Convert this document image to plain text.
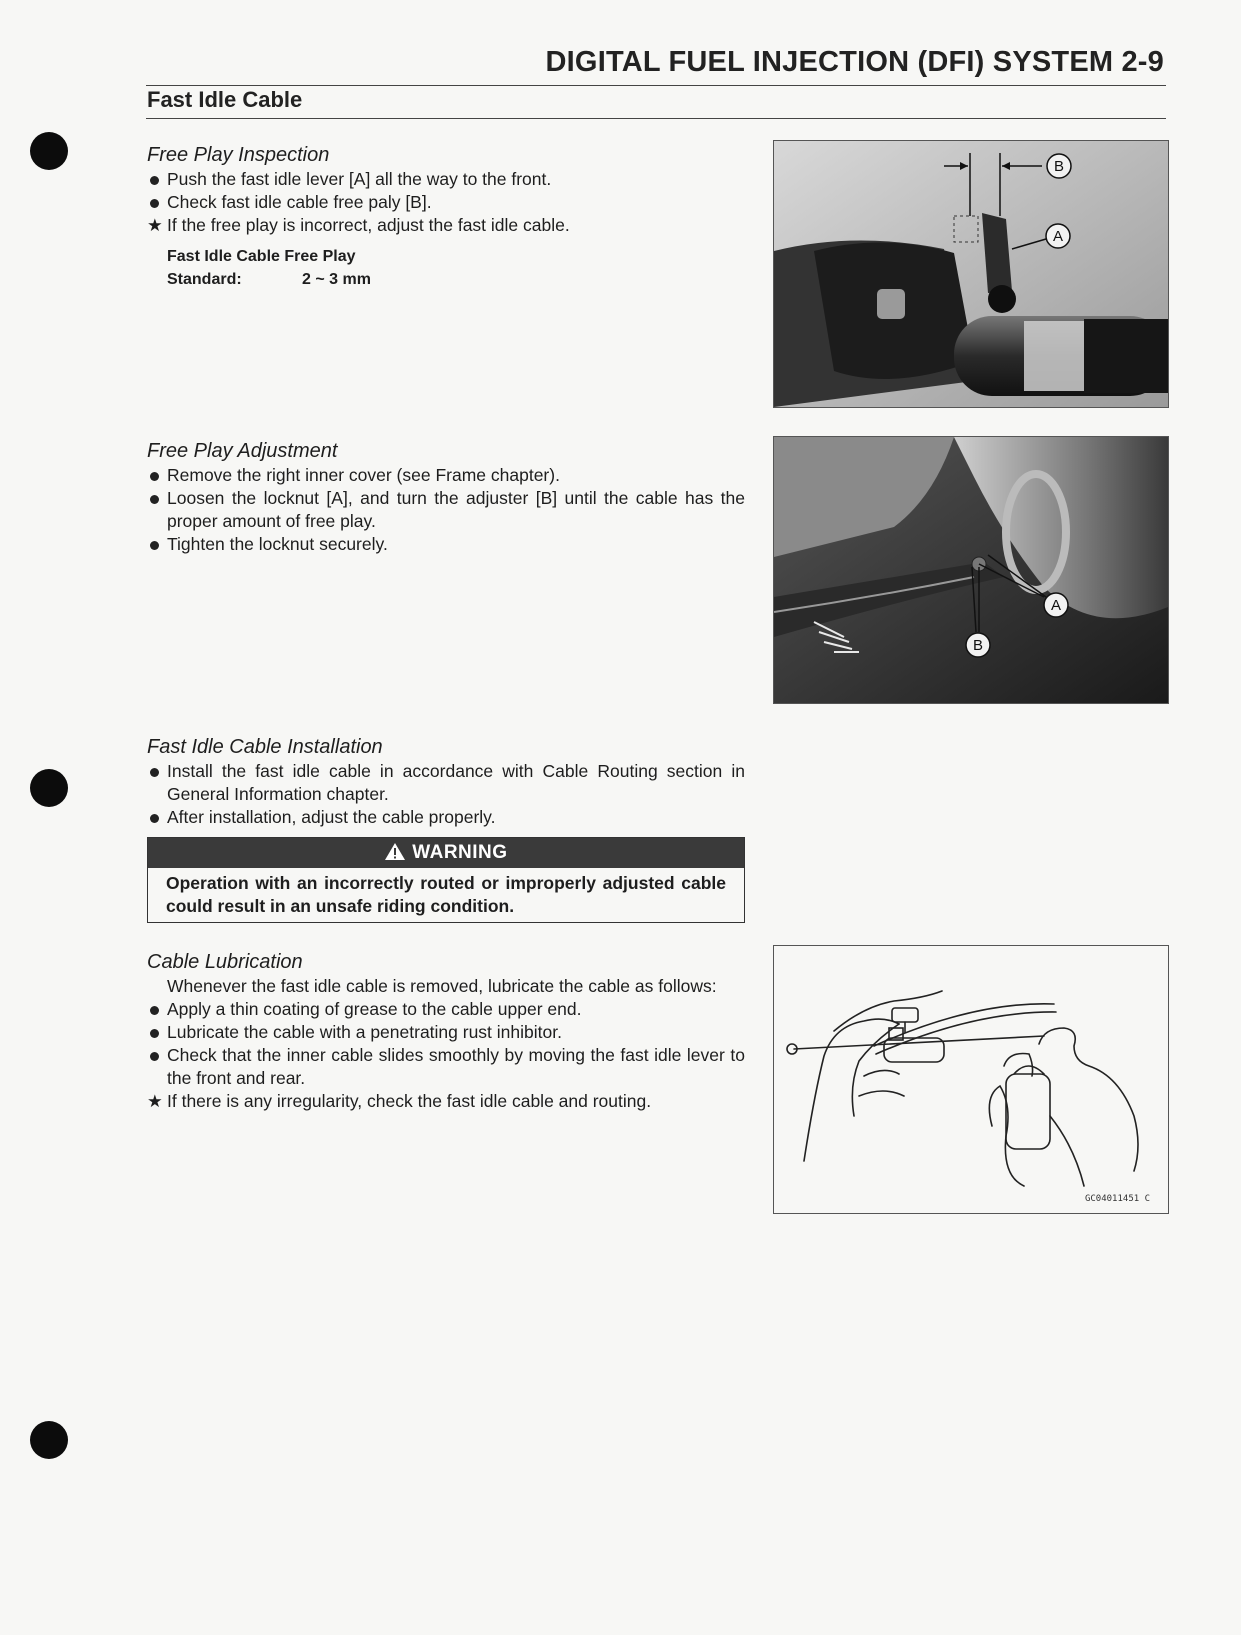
DIGITAL FUEL INJECTION (DFI) SYSTEM 2-9
Fast Idle Cable
Free Play Inspection
Push the fast idle lever [A] all the way to the front.
Check fast idle cable free paly [B].
★ If the free play is incorrect, adjust the fast idle cable.
Fast Idle Cable Free Play
Standard:	2 ~ 3 mm
Free Play Adjustment
Remove the right inner cover (see Frame chapter).
Loosen the locknut [A], and turn the adjuster [B] until the cable has the proper amount of free play.
Tighten the locknut securely.
Fast Idle Cable Installation
Install the fast idle cable in accordance with Cable Routing section in General Information chapter.
After installation, adjust the cable properly.
WARNING
Operation with an incorrectly routed or improperly adjusted cable could result in an unsafe riding condition.
Cable Lubrication
Whenever the fast idle cable is removed, lubricate the cable as follows:
Apply a thin coating of grease to the cable upper end.
Lubricate the cable with a penetrating rust inhibitor.
Check that the inner cable slides smoothly by moving the fast idle lever to the front and rear.
★ If there is any irregularity, check the fast idle cable and routing.
B
A
A
B
GC04011451 C
